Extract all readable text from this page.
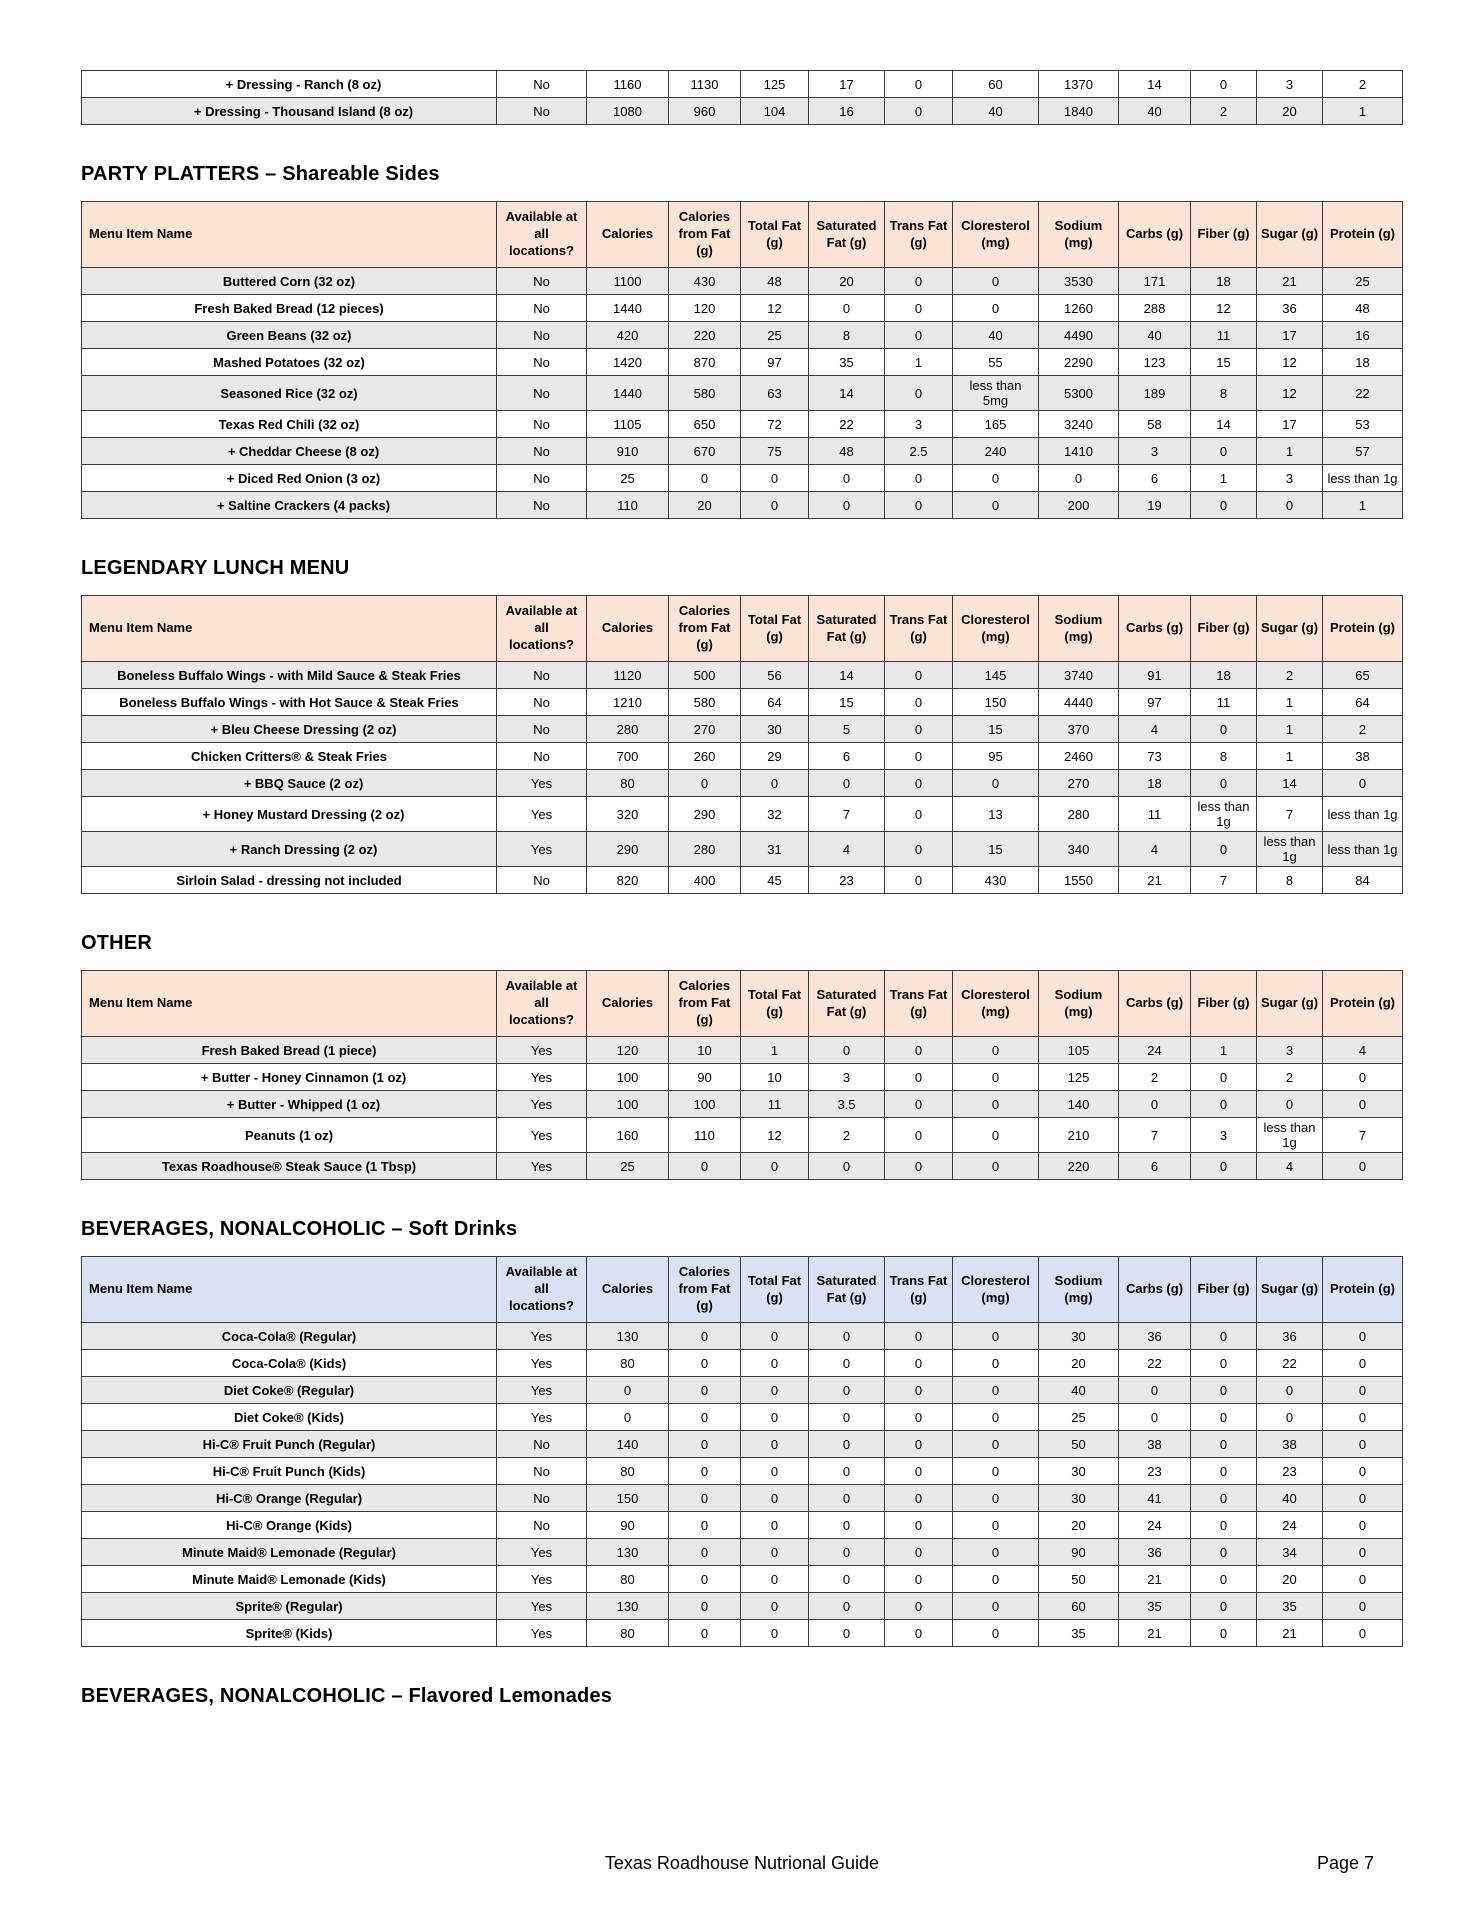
+ Dressing - Ranch (8 oz)	No	1160	1130	125	17	0	60	1370	14	0	3	2
+ Dressing - Thousand Island (8 oz)	No	1080	960	104	16	0	40	1840	40	2	20	1
PARTY PLATTERS – Shareable Sides
Menu Item Name	Available at all locations?	Calories	Calories from Fat (g)	Total Fat (g)	Saturated Fat (g)	Trans Fat (g)	Cloresterol (mg)	Sodium (mg)	Carbs (g)	Fiber (g)	Sugar (g)	Protein (g)
Buttered Corn (32 oz)	No	1100	430	48	20	0	0	3530	171	18	21	25
Fresh Baked Bread (12 pieces)	No	1440	120	12	0	0	0	1260	288	12	36	48
Green Beans (32 oz)	No	420	220	25	8	0	40	4490	40	11	17	16
Mashed Potatoes (32 oz)	No	1420	870	97	35	1	55	2290	123	15	12	18
Seasoned Rice (32 oz)	No	1440	580	63	14	0	less than 5mg	5300	189	8	12	22
Texas Red Chili (32 oz)	No	1105	650	72	22	3	165	3240	58	14	17	53
+ Cheddar Cheese (8 oz)	No	910	670	75	48	2.5	240	1410	3	0	1	57
+ Diced Red Onion (3 oz)	No	25	0	0	0	0	0	0	6	1	3	less than 1g
+ Saltine Crackers (4 packs)	No	110	20	0	0	0	0	200	19	0	0	1
LEGENDARY LUNCH MENU
Menu Item Name	Available at all locations?	Calories	Calories from Fat (g)	Total Fat (g)	Saturated Fat (g)	Trans Fat (g)	Cloresterol (mg)	Sodium (mg)	Carbs (g)	Fiber (g)	Sugar (g)	Protein (g)
Boneless Buffalo Wings - with Mild Sauce & Steak Fries	No	1120	500	56	14	0	145	3740	91	18	2	65
Boneless Buffalo Wings - with Hot Sauce & Steak Fries	No	1210	580	64	15	0	150	4440	97	11	1	64
+ Bleu Cheese Dressing (2 oz)	No	280	270	30	5	0	15	370	4	0	1	2
Chicken Critters® & Steak Fries	No	700	260	29	6	0	95	2460	73	8	1	38
+ BBQ Sauce (2 oz)	Yes	80	0	0	0	0	0	270	18	0	14	0
+ Honey Mustard Dressing (2 oz)	Yes	320	290	32	7	0	13	280	11	less than 1g	7	less than 1g
+ Ranch Dressing (2 oz)	Yes	290	280	31	4	0	15	340	4	0	less than 1g	less than 1g
Sirloin Salad - dressing not included	No	820	400	45	23	0	430	1550	21	7	8	84
OTHER
Menu Item Name	Available at all locations?	Calories	Calories from Fat (g)	Total Fat (g)	Saturated Fat (g)	Trans Fat (g)	Cloresterol (mg)	Sodium (mg)	Carbs (g)	Fiber (g)	Sugar (g)	Protein (g)
Fresh Baked Bread (1 piece)	Yes	120	10	1	0	0	0	105	24	1	3	4
+ Butter - Honey Cinnamon (1 oz)	Yes	100	90	10	3	0	0	125	2	0	2	0
+ Butter - Whipped (1 oz)	Yes	100	100	11	3.5	0	0	140	0	0	0	0
Peanuts (1 oz)	Yes	160	110	12	2	0	0	210	7	3	less than 1g	7
Texas Roadhouse® Steak Sauce (1 Tbsp)	Yes	25	0	0	0	0	0	220	6	0	4	0
BEVERAGES, NONALCOHOLIC – Soft Drinks
Menu Item Name	Available at all locations?	Calories	Calories from Fat (g)	Total Fat (g)	Saturated Fat (g)	Trans Fat (g)	Cloresterol (mg)	Sodium (mg)	Carbs (g)	Fiber (g)	Sugar (g)	Protein (g)
Coca-Cola® (Regular)	Yes	130	0	0	0	0	0	30	36	0	36	0
Coca-Cola® (Kids)	Yes	80	0	0	0	0	0	20	22	0	22	0
Diet Coke® (Regular)	Yes	0	0	0	0	0	0	40	0	0	0	0
Diet Coke® (Kids)	Yes	0	0	0	0	0	0	25	0	0	0	0
Hi-C® Fruit Punch (Regular)	No	140	0	0	0	0	0	50	38	0	38	0
Hi-C® Fruit Punch (Kids)	No	80	0	0	0	0	0	30	23	0	23	0
Hi-C® Orange (Regular)	No	150	0	0	0	0	0	30	41	0	40	0
Hi-C® Orange (Kids)	No	90	0	0	0	0	0	20	24	0	24	0
Minute Maid® Lemonade (Regular)	Yes	130	0	0	0	0	0	90	36	0	34	0
Minute Maid® Lemonade (Kids)	Yes	80	0	0	0	0	0	50	21	0	20	0
Sprite® (Regular)	Yes	130	0	0	0	0	0	60	35	0	35	0
Sprite® (Kids)	Yes	80	0	0	0	0	0	35	21	0	21	0
BEVERAGES, NONALCOHOLIC – Flavored Lemonades
Texas Roadhouse Nutrional Guide	Page 7
